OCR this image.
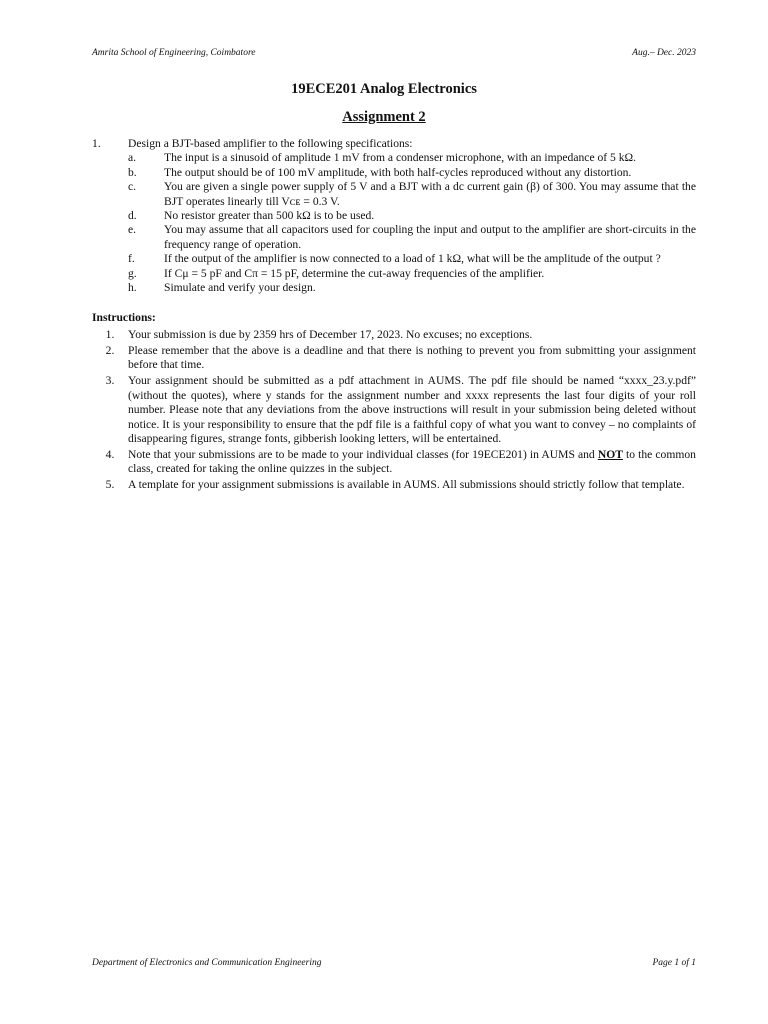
Amrita School of Engineering, Coimbatore	Aug.– Dec. 2023
19ECE201 Analog Electronics
Assignment 2
1.	Design a BJT-based amplifier to the following specifications:
a.	The input is a sinusoid of amplitude 1 mV from a condenser microphone, with an impedance of 5 kΩ.
b.	The output should be of 100 mV amplitude, with both half-cycles reproduced without any distortion.
c.	You are given a single power supply of 5 V and a BJT with a dc current gain (β) of 300. You may assume that the BJT operates linearly till Vᴄᴇ = 0.3 V.
d.	No resistor greater than 500 kΩ is to be used.
e.	You may assume that all capacitors used for coupling the input and output to the amplifier are short-circuits in the frequency range of operation.
f.	If the output of the amplifier is now connected to a load of 1 kΩ, what will be the amplitude of the output ?
g.	If Cμ = 5 pF and Cπ = 15 pF, determine the cut-away frequencies of the amplifier.
h.	Simulate and verify your design.
Instructions:
1.	Your submission is due by 2359 hrs of December 17, 2023. No excuses; no exceptions.
2.	Please remember that the above is a deadline and that there is nothing to prevent you from submitting your assignment before that time.
3.	Your assignment should be submitted as a pdf attachment in AUMS. The pdf file should be named “xxxx_23.y.pdf” (without the quotes), where y stands for the assignment number and xxxx represents the last four digits of your roll number. Please note that any deviations from the above instructions will result in your submission being deleted without notice. It is your responsibility to ensure that the pdf file is a faithful copy of what you want to convey – no complaints of disappearing figures, strange fonts, gibberish looking letters, will be entertained.
4.	Note that your submissions are to be made to your individual classes (for 19ECE201) in AUMS and NOT to the common class, created for taking the online quizzes in the subject.
5.	A template for your assignment submissions is available in AUMS. All submissions should strictly follow that template.
Department of Electronics and Communication Engineering	Page 1 of 1
